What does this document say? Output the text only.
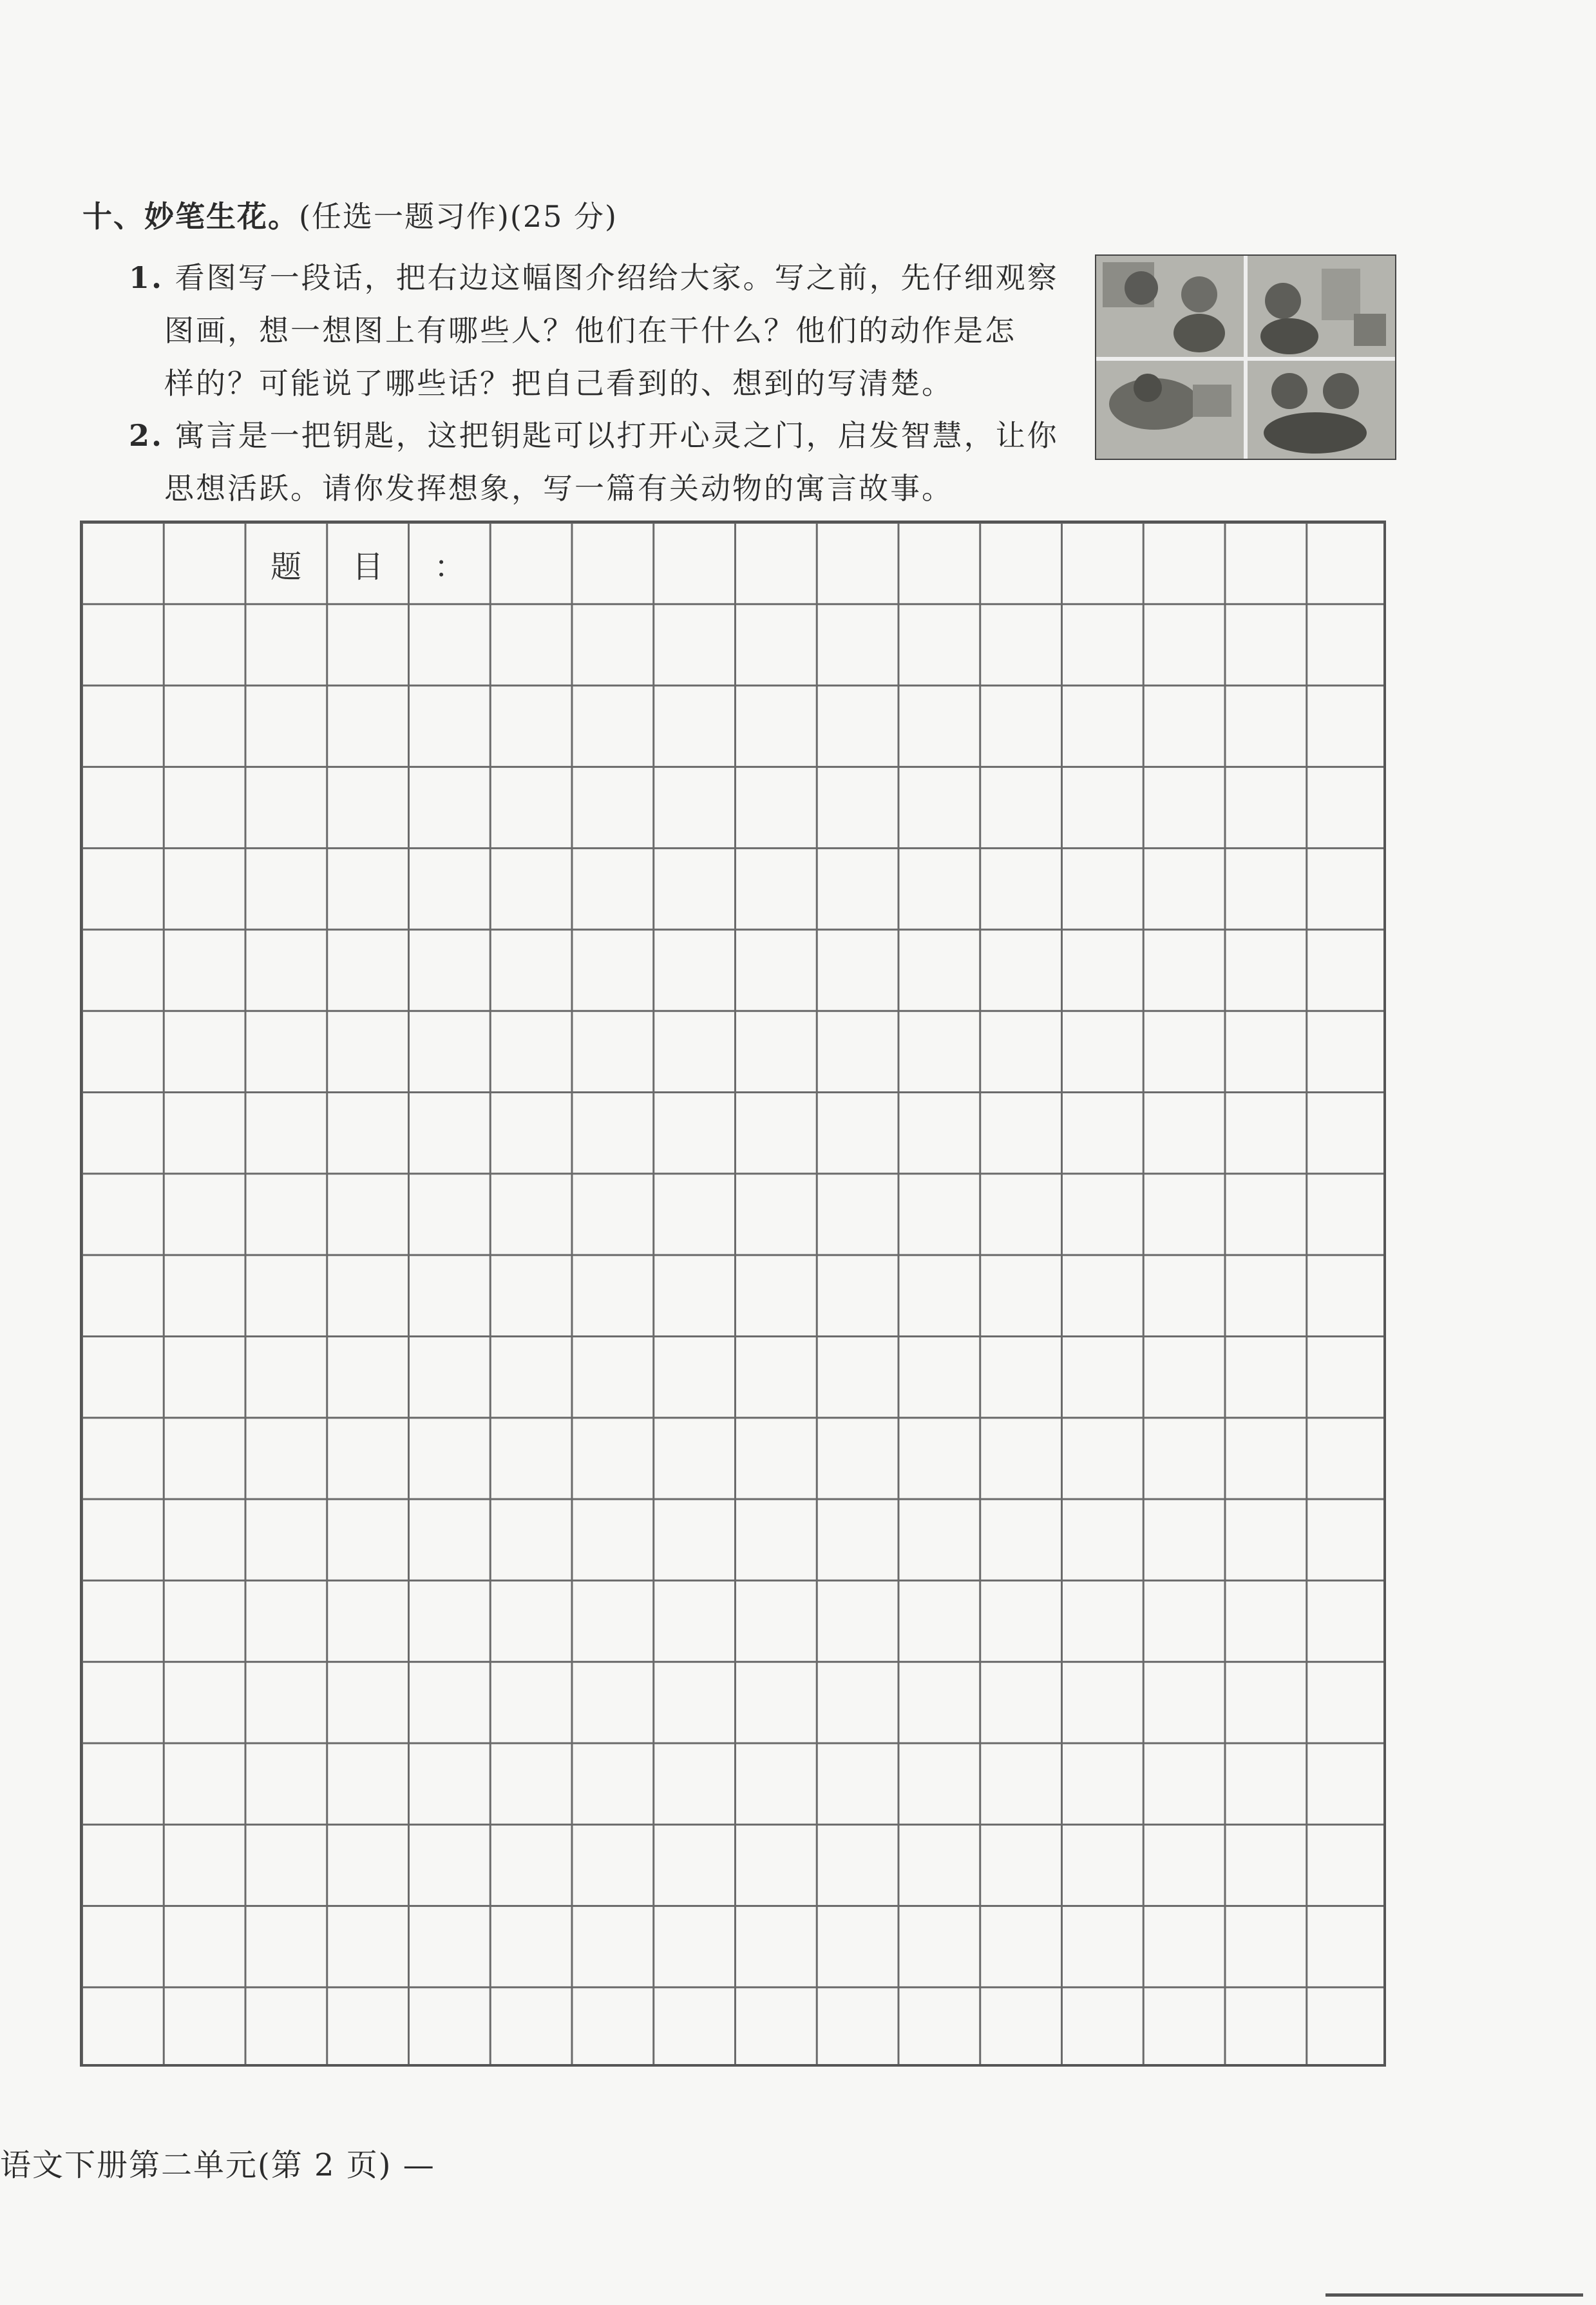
十、妙笔生花。(任选一题习作)(25 分)
1. 看图写一段话，把右边这幅图介绍给大家。写之前，先仔细观察
图画，想一想图上有哪些人？他们在干什么？他们的动作是怎
样的？可能说了哪些话？把自己看到的、想到的写清楚。
2. 寓言是一把钥匙，这把钥匙可以打开心灵之门，启发智慧，让你
思想活跃。请你发挥想象，写一篇有关动物的寓言故事。
题	目	：
语文下册第二单元(第 2 页) —
